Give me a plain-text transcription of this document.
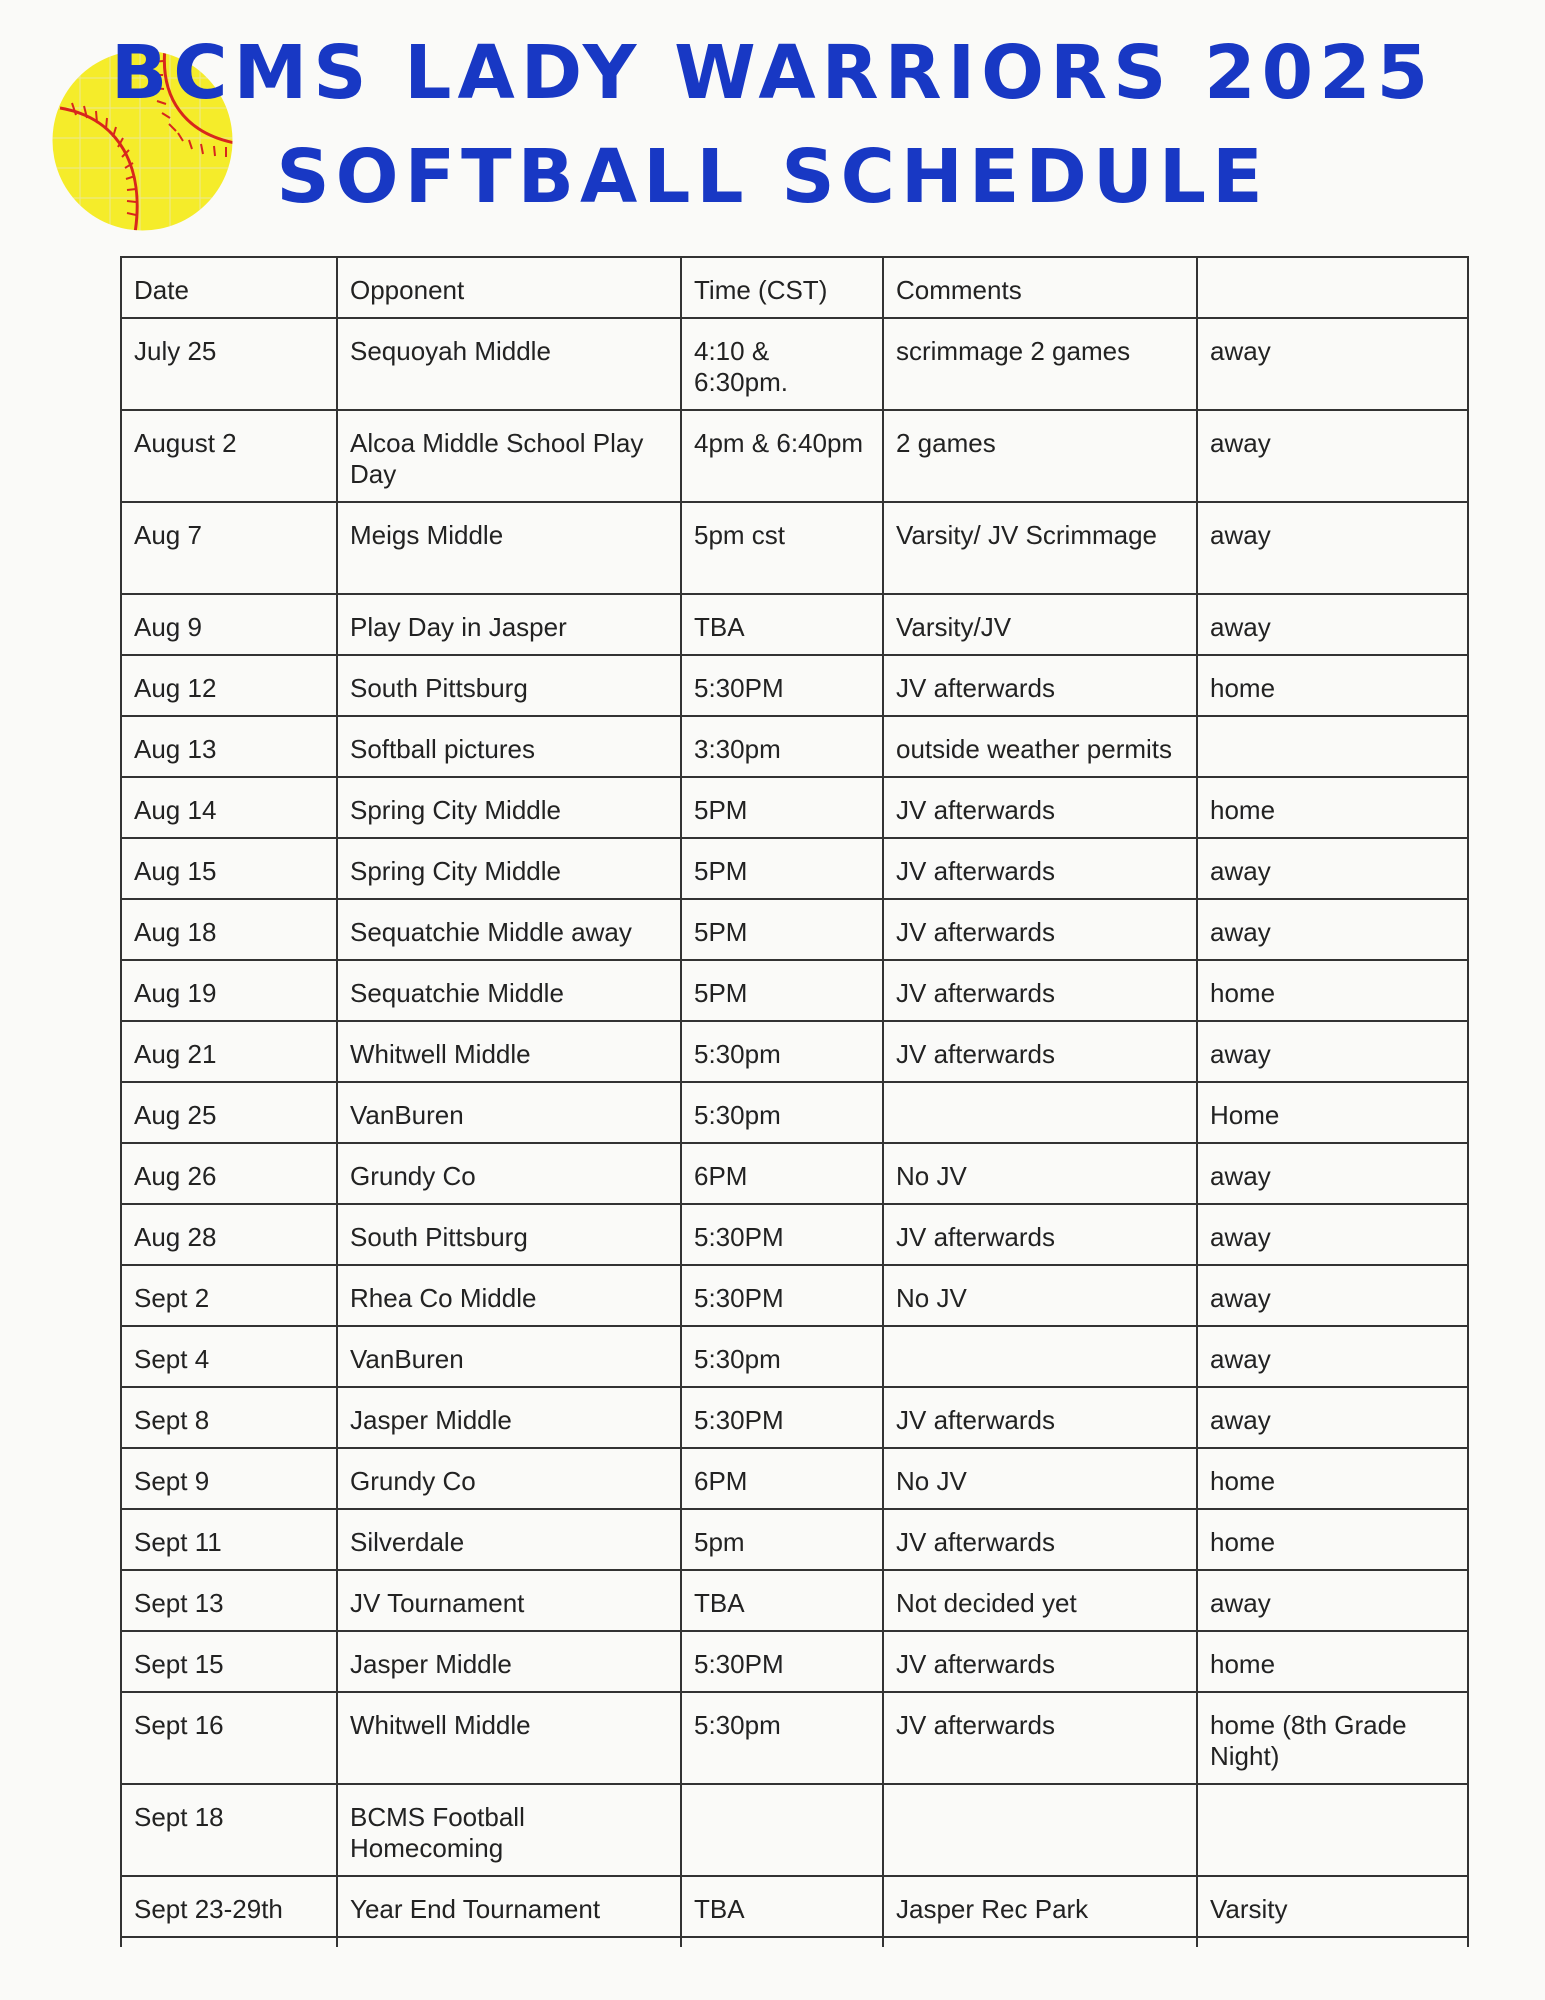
BCMS LADY WARRIORS 2025
SOFTBALL SCHEDULE
Date	Opponent	Time (CST)	Comments	
July 25	Sequoyah Middle	4:10 & 6:30pm.	scrimmage 2 games	away
August 2	Alcoa Middle School Play Day	4pm & 6:40pm	2 games	away
Aug 7	Meigs Middle	5pm cst	Varsity/ JV Scrimmage	away
Aug 9	Play Day in Jasper	TBA	Varsity/JV	away
Aug 12	South Pittsburg	5:30PM	JV afterwards	home
Aug 13	Softball pictures	3:30pm	outside weather permits	
Aug 14	Spring City Middle	5PM	JV afterwards	home
Aug 15	Spring City Middle	5PM	JV afterwards	away
Aug 18	Sequatchie Middle away	5PM	JV afterwards	away
Aug 19	Sequatchie Middle	5PM	JV afterwards	home
Aug 21	Whitwell Middle	5:30pm	JV afterwards	away
Aug 25	VanBuren	5:30pm		Home
Aug 26	Grundy Co	6PM	No JV	away
Aug 28	South Pittsburg	5:30PM	JV afterwards	away
Sept 2	Rhea Co Middle	5:30PM	No JV	away
Sept 4	VanBuren	5:30pm		away
Sept 8	Jasper Middle	5:30PM	JV afterwards	away
Sept 9	Grundy Co	6PM	No JV	home
Sept 11	Silverdale	5pm	JV afterwards	home
Sept 13	JV Tournament	TBA	Not decided yet	away
Sept 15	Jasper Middle	5:30PM	JV afterwards	home
Sept 16	Whitwell Middle	5:30pm	JV afterwards	home (8th Grade Night)
Sept 18	BCMS Football Homecoming			
Sept 23-29th	Year End Tournament	TBA	Jasper Rec Park	Varsity
